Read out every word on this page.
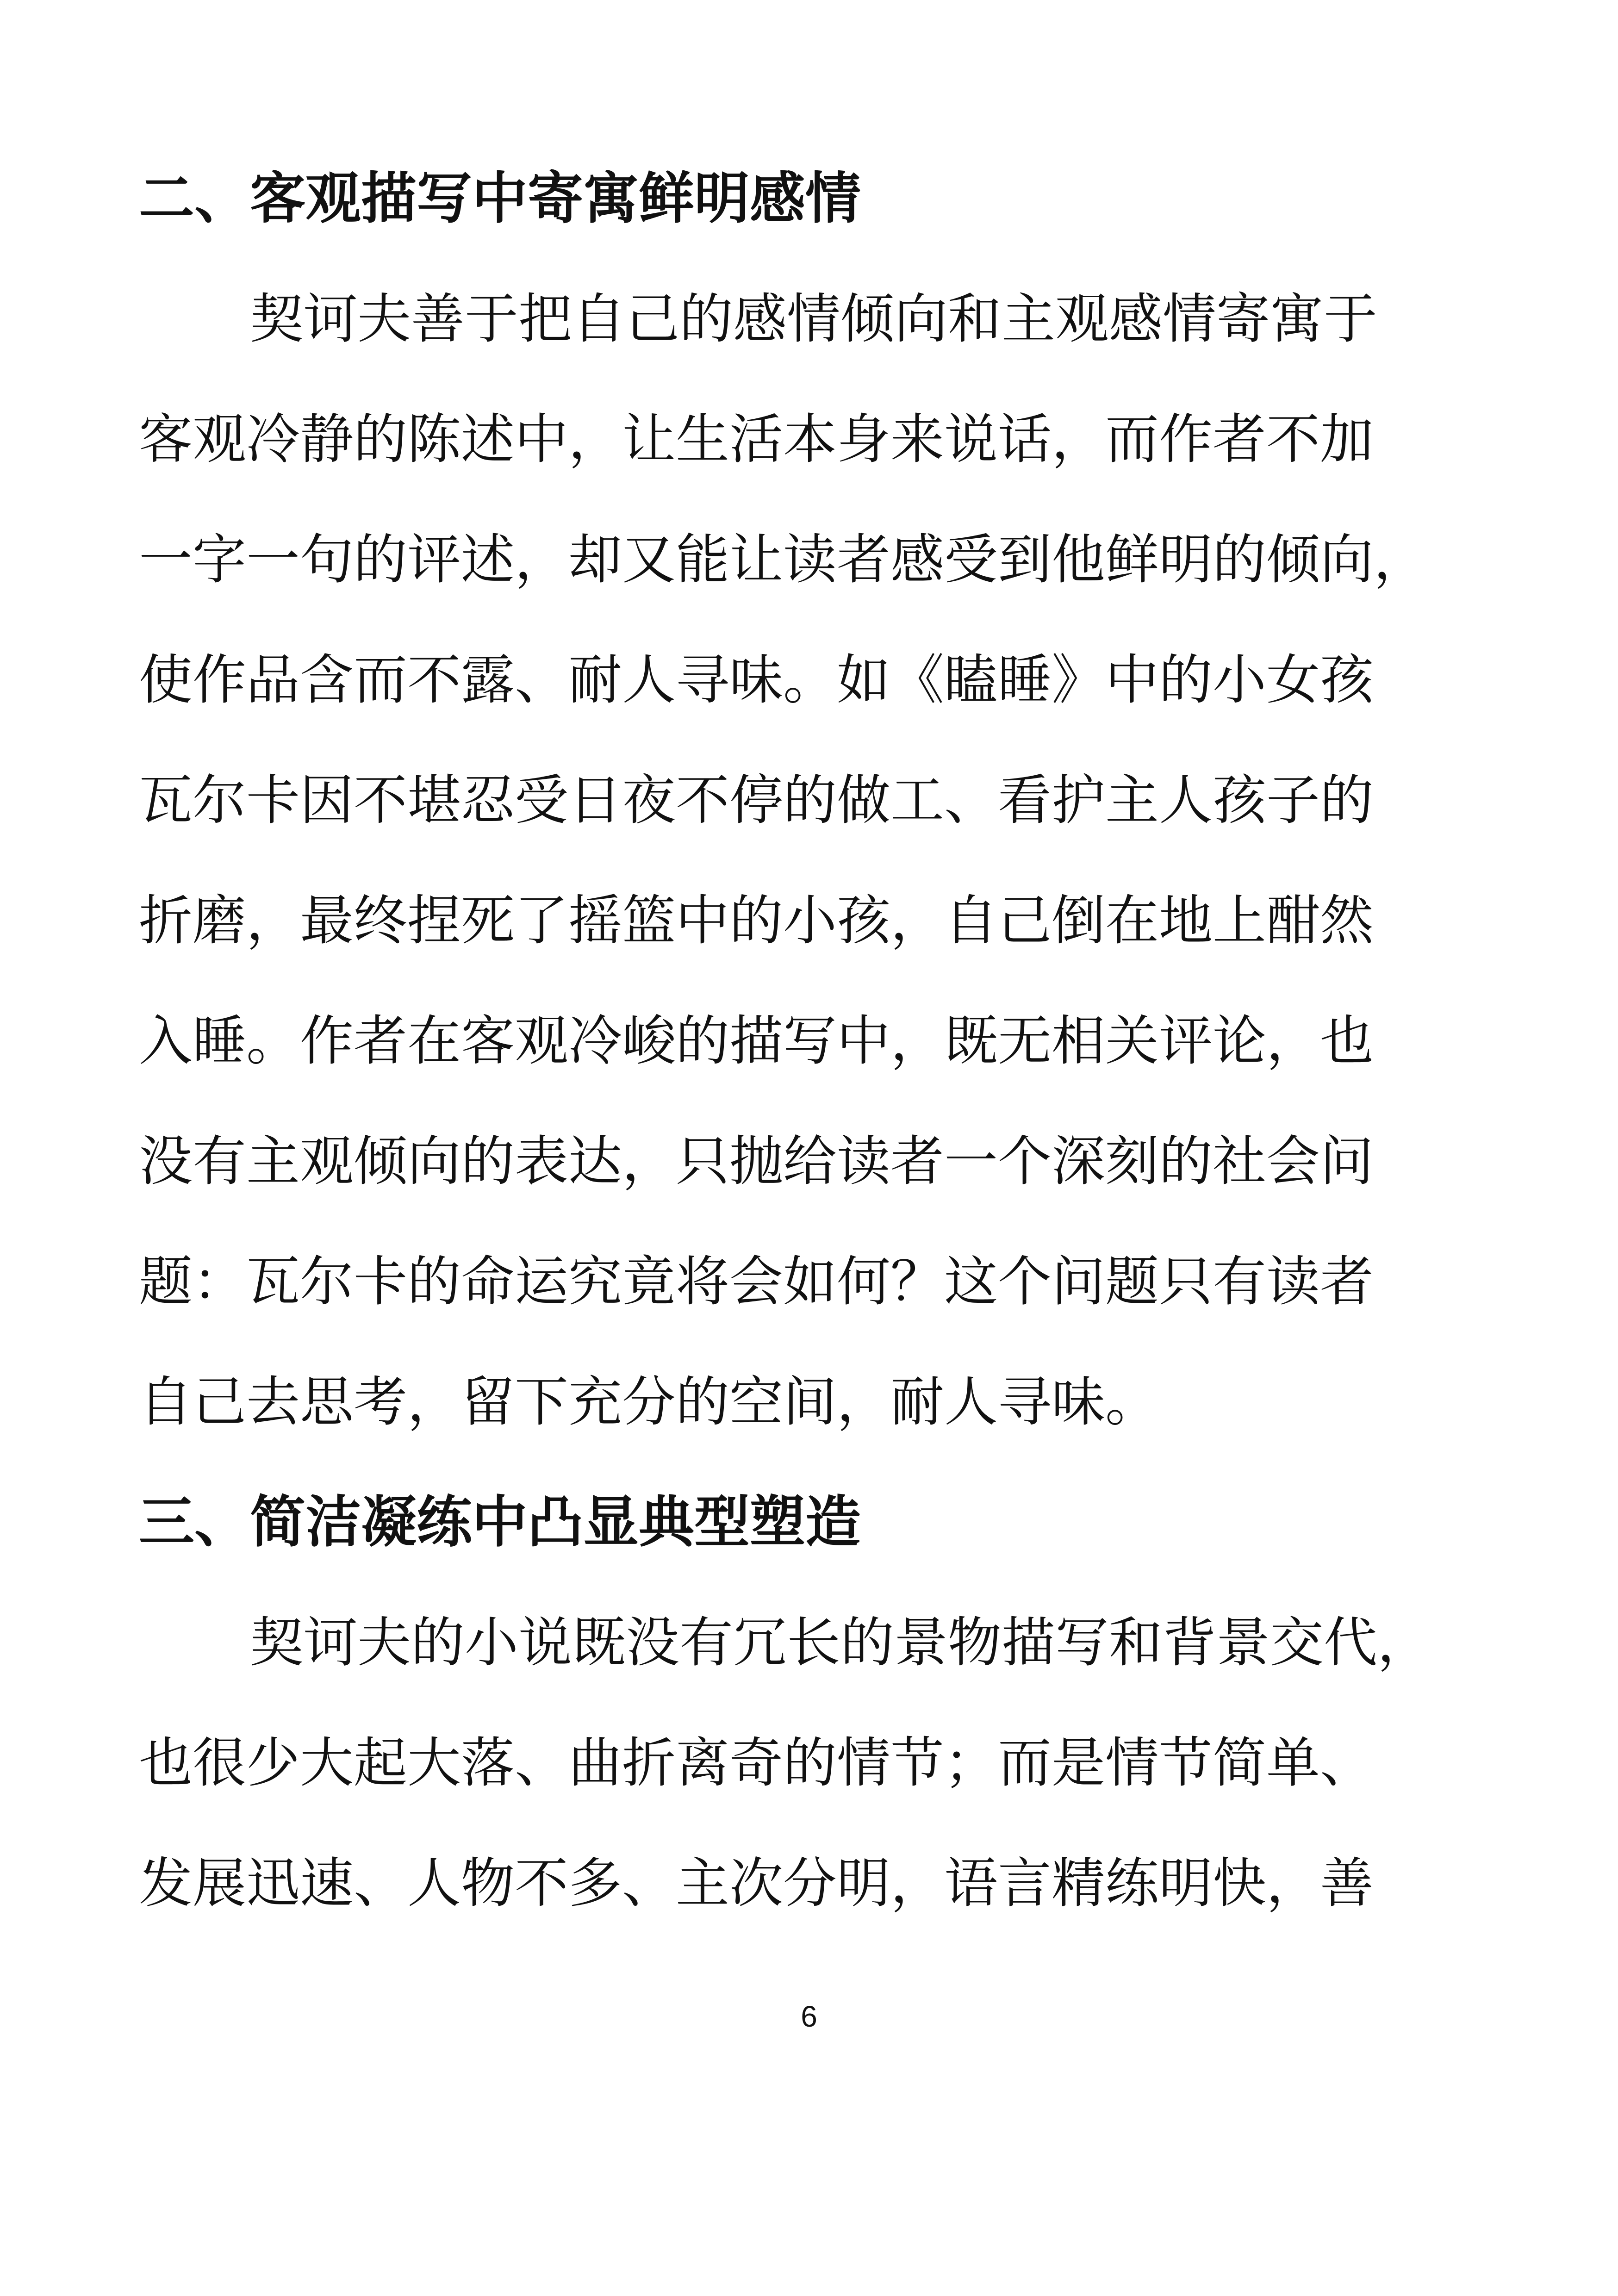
二、客观描写中寄寓鲜明感情
契诃夫善于把自己的感情倾向和主观感情寄寓于
客观冷静的陈述中，让生活本身来说话，而作者不加
一字一句的评述，却又能让读者感受到他鲜明的倾向，
使作品含而不露、耐人寻味。如《瞌睡》中的小女孩
瓦尔卡因不堪忍受日夜不停的做工、看护主人孩子的
折磨，最终捏死了摇篮中的小孩，自己倒在地上酣然
入睡。作者在客观冷峻的描写中，既无相关评论，也
没有主观倾向的表达，只抛给读者一个深刻的社会问
题：瓦尔卡的命运究竟将会如何？这个问题只有读者
自己去思考，留下充分的空间，耐人寻味。
三、简洁凝练中凸显典型塑造
契诃夫的小说既没有冗长的景物描写和背景交代，
也很少大起大落、曲折离奇的情节；而是情节简单、
发展迅速、人物不多、主次分明，语言精练明快，善
6
